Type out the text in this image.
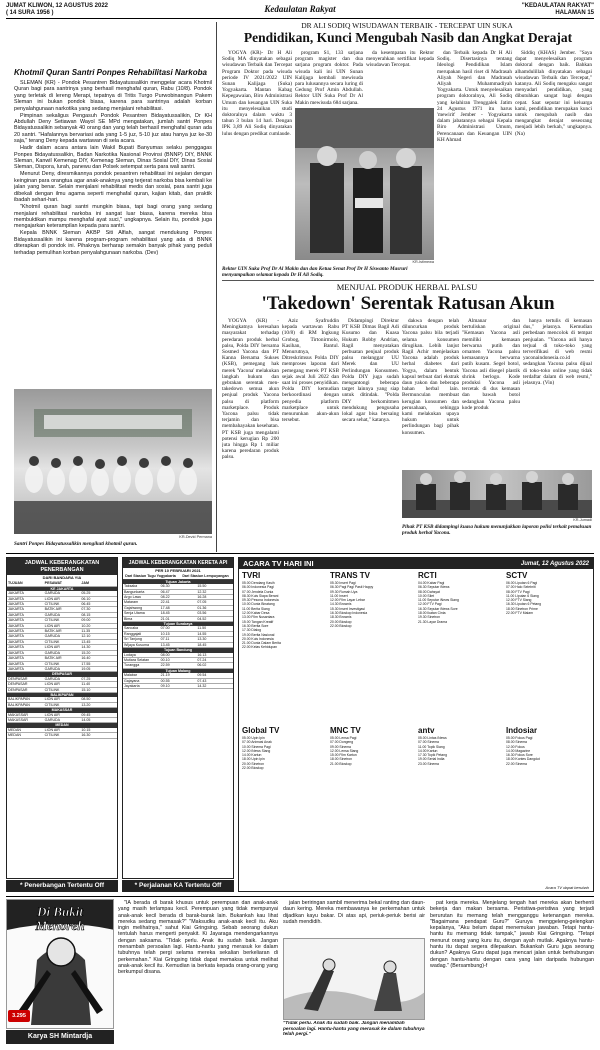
JUMAT KLIWON, 12 AGUSTUS 2022
( 14 SURA 1956 )	Kedaulatan Rakyat	"KEDAULATAN RAKYAT"
HALAMAN 15
Khotmil Quran Santri Ponpes Rehabilitasi Narkoba

SLEMAN (KR) - Pondok Pesantren Bidayatussalikin menggelar acara Khotmil Quran bagi para santrinya yang berhasil menghafal quran, Rabu (10/8). Pondok yang terletak di lereng Merapi, tepatnya di Tritis Turgo Purwobinangun Pakem Sleman ini bukan pondok biasa, karena para santrinya adalah korban penyalahgunaan narkotika yang sedang menjalani rehabilitasi.

Pimpinan sekaligus Pengasuh Pondok Pesantren Bidayatussalikin, Dr KH Abdullah Deny Setiawan Wayol SE MPd mengatakan, jumlah santri Ponpes Bidayatussalikin sebanyak 40 orang dan yang telah berhasil menghafal quran ada 20 santri. "Hafalannya bervariasi ada yang 1-5 juz, 5-10 juz atau hanya juz ke-30 saja," terang Deny kepada wartawan di sela acara.

Hadir dalam acara antara lain Wakil Bupati Banyumas selaku penggagas Ponpes Bidayatussalikin, Badan Narkotika Nasional Provinsi (BNNP) DIY, BNNK Sleman, Kanwil Kemenag DIY, Kemenag Sleman, Dinas Sosial DIY, Dinas Sosial Sleman, Disporа, lurah, panewu dan Polsek setempat serta para wali santri.

Menurut Deny, diresmikannya pondok pesantren rehabilitasi ini sejalan dengan keinginan para orangtua agar anak-anaknya yang terjerat narkoba bisa kembali ke jalan yang benar. Selain menjalani rehabilitasi medis dan sosial, para santri juga dibekali dengan ilmu agama seperti menghafal quran, kajian kitab, dan praktik ibadah sehari-hari.

"Khotmil quran bagi santri mungkin biasa, tapi bagi orang yang sedang menjalani rehabilitasi narkoba ini sangat luar biasa, karena mereka bisa membuktikan mampu menghafal ayat suci," ungkapnya. Selain itu, pondok juga mengajarkan keterampilan kepada para santri.

Kepala BNNK Sleman AKBP Siti Alfiah, sangat mendukung Ponpes Bidayatussalikin ini karena program-program rehabilitasi yang ada di BNNK diterapkan di pondok ini. Pihaknya berharap semakin banyak pihak yang peduli terhadap pemulihan korban penyalahgunaan narkoba. (Dev)

KR-Devid Permana
Santri Ponpes Bidayatussalikin mengikuti khotmil quran.
DR ALI SODIQ WISUDAWAN TERBAIK - TERCEPAT UIN SUKA
Pendidikan, Kunci Mengubah Nasib dan Angkat Derajat

YOGYA (KR)- Dr H Ali Sodiq MA dinyatakan sebagai wisudawan Terbaik dan Tercepat Program Doktor pada wisuda periode IV 2021/2022 UIN Sunan Kalijaga (Suka) Yogyakarta. Mantan Kabag Kepegawaian, Biro Administrasi Umum dan keuangan UIN Suka itu menyelesaikan studi doktoralnya dalam waktu 3 tahun 3 bulan 14 hari. Dengan IPK 3,89 Ali Sodiq dinyatakan lulus dengan predikat cumlaude.

program S1, 133 sarjana program magister dan dua sarjana program doktor. Pada wisuda kali ini UIN Sunan Kalijaga kembali mewisuda para lulusannya secara luring di Gedung Prof Amin Abdullah. Rektor UIN Suka Prof Dr Al Makin mewisuda 684 sarjana.

da kesempatan itu Rektor menyerahkan sertifikat kepada wisudawan Tercepat.

dan Terbaik kepada Dr H Ali Sodiq. Disertasinya tentang Ideologi Pendidikan Islam merupakan hasil riset di Madrasah Aliyah Negeri dan Madrasah Aliyah Muhammadiyah Yogyakarta. Untuk menyelesaikan program doktoralnya, Ali Sodiq yang kelahiran Trenggalek Jatim 24 Agustus 1971 itu harus 'mewirit' Jember - Yogyakarta dalam jabatannya sebagai Kepala Biro Administrasi Umum, Perencanaan dan Keuangan UIN KH Ahmad

Siddiq (KHAS) Jember. "Saya dapat menyelesaikan program doktoral dengan baik. Bahkan alhamdulillah dinyatakan sebagai wisudawan Terbaik dan Tercepat," katanya. Ali Sodiq mengaku sangat menyadari pendidikan, yang dibutuhkan sangat bagi dengan cepat. Saat seputar ini keluarga kami, pendidikan merupakan kunci untuk mengubah nasib dan mengangkat derajat seseorang menjadi lebih berkah," ungkapnya. (Na)

KR-Istimewa
Rektor UIN Suka Prof Dr Al Makin dan dan Ketua Senat Prof Dr H Siswanto Masruri menyampaikan selamat kepada Dr H Ali Sodiq.
MENJUAL PRODUK HERBAL PALSU
'Takedown' Serentak Ratusan Akun

YOGYA (KR) - Meningkatnya keresahan masyarakat terhadap peredaran produk herbal palsu, Polda DIY bersama Sosmed Yacona dan PT Kanna Bersama Sukses (KSB), pemegang hak merek 'Yacona' melakukan langkah hukum dan gebrakan serentak men-takedown semua akun penjual produk Yacona palsu di platform marketplace. Produk Yacona palsu tidak terjamin dan bisa membahayakan kesehatan. PT KSB juga mengalami potensi kerugian Rp 200 juta hingga Rp 1 miliar karena peredaran produk palsu.

Aziz Syafruddin kepada wartawan Rabu (10/8) di RM Ingkung Grobog, Tirtonirmolo, Kasihan, Bantul. Menurutnya, Ditreskrimsus Polda DIY memproses laporan dari pemegang merek PT KSB sejak awal Juli 2022 dan saat ini proses penyidikan. Polda DIY kemudian berkoordinasi dengan penyedia platform marketplace untuk menurunkan akun-akun tersebut.

Didampingi Direktur PT KSB Dimas Bagil Adi Kusumo dan Kuasa Hukum Robby Andrian, Ragil menyatakan perbuatan penjual produk palsu melanggar UU Merek dan UU Perlindungan Konsumen. Polda DIY juga sudah mengantongi beberapa target lainnya yang siap untuk ditindak. "Polda DIY berkomitmen mendukung pengusaha lokal agar bisa bersaing secara sehat," katanya.

dakwa dengan telah diluncurkan produk Yacona palsu bila terjadi selama konsumen dirugikan. Lebih lanjut Ragil Achir menjelaskan Yacona adalah produk herbal diabetes dari Yogya, dalam bentuk kapsul terbuat dari ekstrak daun yakon dan beberapa bahan herbal lain. Bermunculan membuat kerugian konsumen dan perusahaan, sehingga kami melakukan upaya hukum untuk perlindungan bagi pihak konsumen.

Almanar dan bertuliskan original "Kemasan Yacona asli memiliki kemasan berwarna putih dan ornamen Yacona palsu kemasannya berwarna putih kusam. Segel botol, Yacona asli disegel plastik shrink berlogo. Kode produksi Yacona asli tercetak di dus kemasan dan bawah botol sedangkan Yacona palsu kode produk

hanya tertulis di kemasan dus," jelasnya. Kemudian perbedaan mencolok di tempat penjualan. "Yacona asli hanya terjual di toko-toko yang terverifikasi di web resmi yaconaindonesia.co.id sedangkan Yacona palsu dijual di toko-toko online yang tidak terdaftar dalam di web resmi," jelasnya. (Vin)

KR-Jumadi
Pihak PT KSB didampingi kuasa hukum menunjukkan laporan polisi terkait pemalsuan produk herbal Yacona.
JADWAL KEBERANGKATAN PENERBANGAN
DARI BANDARA YIA
TUJUAN	PESAWAT	JAM
KE JAKARTA
JAKARTA	GARUDA	05.25
JAKARTA	LION AIR	06.10
JAKARTA	CITILINK	06.45
JAKARTA	BATIK AIR	07.30
JAKARTA	GARUDA	08.15
JAKARTA	CITILINK	09.00
JAKARTA	LION AIR	10.20
JAKARTA	BATIK AIR	11.35
JAKARTA	GARUDA	12.10
JAKARTA	CITILINK	13.45
JAKARTA	LION AIR	14.30
JAKARTA	GARUDA	15.20
JAKARTA	BATIK AIR	16.40
JAKARTA	CITILINK	17.55
JAKARTA	GARUDA	19.05
DENPASAR
DENPASAR	GARUDA	07.25
DENPASAR	LION AIR	11.40
DENPASAR	CITILINK	15.10
BALIKPAPAN
BALIKPAPAN	LION AIR	08.50
BALIKPAPAN	CITILINK	13.20
MAKASSAR
MAKASSAR	LION AIR	09.45
MAKASSAR	GARUDA	14.05
MEDAN
MEDAN	LION AIR	10.15
MEDAN	CITILINK	16.30
* Penerbangan Tertentu Off
JADWAL KEBERANGKATAN KERETA API
PER 10 FEBRUARI 2021
Dari Stasiun Tugu Yogyakarta	Dari Stasiun Lempuyangan
Tujuan Jakarta
Taksaka	06.30	15.50
Bangunkarta	06.47	12.32
Argo Lawu	08.22	16.28
Mataram	22.41	07.05
Gajahwong	17.48	01.36
Senja Utama	18.45	03.56
Bima	21.01	04.52
Tujuan Surabaya
Sancaka	07.00	11.50
Ranggajati	10.15	14.55
Sri Tanjung	07.11	13.30
Wijaya Kusuma	13.45	18.45
Tujuan Bandung
Lodaya	08.00	16.13
Mutiara Selatan	00.10	07.24
Turangga	22.59	06.02
Tujuan Malang
Malabar	21.19	09.54
Gajayana	00.55	07.43
Jayakarta	09.10	14.32
* Perjalanan KA Tertentu Off
ACARA TV HARI INI	Jumat, 12 Agustus 2022
TVRI
05.00 Dendang Kasih
06.00 Indonesia Pagi
07.00 Jendela Dunia
08.30 Kuis Siapa Berani
09.30 Pesona Indonesia
10.00 Dunia Binatang
11.00 Berita Siang
12.00 Kabar Desa
13.00 Film Nusantara
15.00 Tangan Kreatif
16.30 Berita Sore
17.30 Dialog
19.00 Berita Nasional
20.00 Kuis Indonesia
21.00 Dunia Dalam Berita
22.00 Kelas Kehidupan
TRANS TV
05.30 Insert Pagi
06.30 Pagi Pagi Pasti Happy
09.30 Rumah Uya
11.00 Insert
12.00 Film Layar Lebar
14.30 Brownis
15.30 Insert Investigasi
16.30 Bioskop Indonesia
18.30 Brownis
20.00 Bioskop
22.00 Bioskop
RCTI
04.00 Kabar Pagi
06.30 Seputar iNews
08.00 Dahsyat
10.00 Silet
11.00 Seputar iNews Siang
12.00 FTV Pagi
16.30 Seputar iNews Sore
18.00 Ikatan Cinta
19.30 Sinetron
21.30 Layar Drama
SCTV
06.00 Liputan 6 Pagi
07.00 Halo Selebriti
08.00 FTV Pagi
11.00 Liputan 6 Siang
12.00 FTV Siang
16.30 Liputan 6 Petang
18.00 Sinetron Prime
22.00 FTV Malam
Global TV
05.00 Upin Ipin
07.00 Animasi Anak
10.00 Sinema Pagi
12.00 iNews Siang
14.00 Kartun
18.00 Upin Ipin
20.00 Sinetron
22.00 Bioskop
MNC TV
05.00 Lensa Pagi
07.00 Dongeng
09.00 Sinema
12.00 Lensa Siang
15.00 Film Kartun
18.00 Sinetron
21.00 Bioskop
antv
05.00 Lintas iNews
07.00 Sinema
11.00 Topik Siang
14.00 Kartun
17.30 Topik Petang
19.00 Serial India
23.00 Sinema
Indosiar
05.00 Fokus Pagi
08.00 Sinema
12.00 Fokus
14.00 Magazine
16.30 Fokus Sore
18.00 Kontes Dangdut
22.00 Sinema
Acara TV dapat berubah
Di Bukit Menoreh
3.295
Karya SH Mintardja

"IA berada di barak khusus untuk perempuan dan anak-anak yang masih terlampau kecil. Perempuan yang tidak mempunyai anak-anak kecil berada di barak-barak lain. Bukankah kau lihat mereka sedang memasak?" "Maksudku anak-anak kecil itu. Aku ingin melihatnya," sahut Kiai Gringsing. Sebab seorang dukun tentulah harus mengerti penyakit. Ki Jayaraga mendengarkannya dengan saksama. "Tidak perlu. Anak itu sudah baik. Jangan menambah persoalan lagi. Hantu-hantu yang merasuk ke dalam tubuhnya telah pergi selama mereka sekalian berkeliaran di perkemahan." Kiai Gringsing tidak dapat memaksa untuk melihat anak-anak kecil itu. Kemudian ia berkata kepada orang-orang yang berkumpul disana.

jalan beriringan sambil menerima bekal ranting dan daun-daun kering. Mereka membawanya ke perkemahan untuk dijadikan kayu bakar. Di atas api, periuk-periuk berisi air sudah mendidih.

"Tidak perlu. Anak itu sudah baik. Jangan menambah persoalan lagi. Hantu-hantu yang merasuk ke dalam tubuhnya telah pergi."

pat kerja mereka. Menjelang tengah hari mereka akan berhenti bekerja dan makan bersama. Peristiwa-peristiwa yang terjadi berurutan itu memang telah mengganggu ketenangan mereka. "Bagaimana pendapat Guru?" Guruya menggeleng-gelengkan kepalanya, "Aku belum dapat menemukan jawaban. Tetapi hantu-hantu itu memang tidak tampak," jawab Kiai Gringsing. "Tetapi menurut orang yang kuru itu, dengan ayah mutlak. Agaknya hantu-hantu itu dapat segera dilepaskan. Bukankah Guru juga seorang dukun? Agaknya Guru dapat juga mencari jalan untuk berhubungan dengan hantu-hantu dengan cara yang lain daripada hubungan wadag." (Bersambung)-f
